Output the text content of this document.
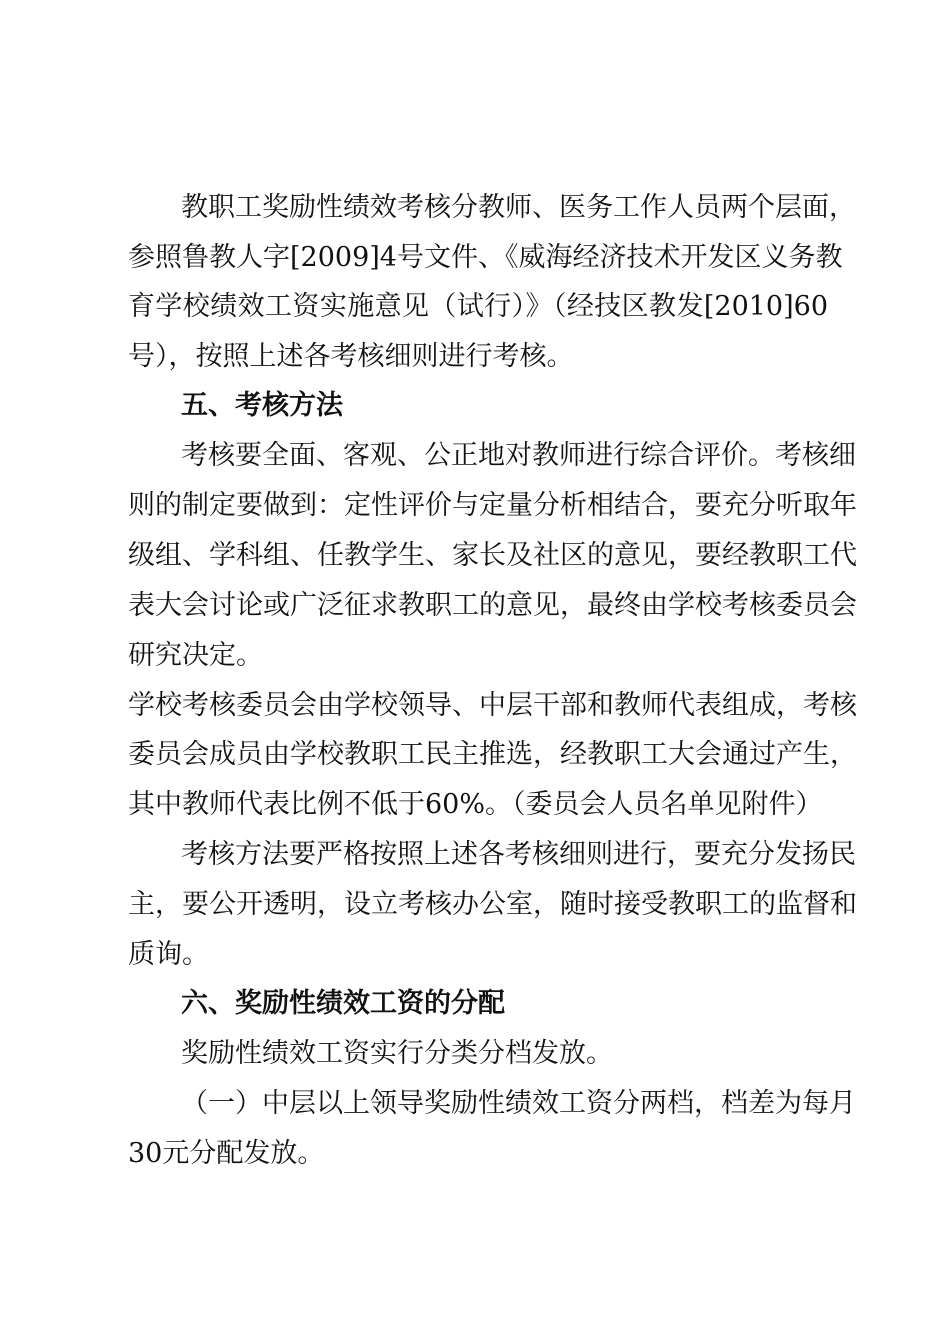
教职工奖励性绩效考核分教师、医务工作人员两个层面，
参照鲁教人字[2009]4号文件、《威海经济技术开发区义务教
育学校绩效工资实施意见（试行）》（经技区教发[2010]60
号），按照上述各考核细则进行考核。
五、考核方法
考核要全面、客观、公正地对教师进行综合评价。考核细
则的制定要做到：定性评价与定量分析相结合，要充分听取年
级组、学科组、任教学生、家长及社区的意见，要经教职工代
表大会讨论或广泛征求教职工的意见，最终由学校考核委员会
研究决定。
学校考核委员会由学校领导、中层干部和教师代表组成，考核
委员会成员由学校教职工民主推选，经教职工大会通过产生，
其中教师代表比例不低于60%。（委员会人员名单见附件）
考核方法要严格按照上述各考核细则进行，要充分发扬民
主，要公开透明，设立考核办公室，随时接受教职工的监督和
质询。
六、奖励性绩效工资的分配
奖励性绩效工资实行分类分档发放。
（一）中层以上领导奖励性绩效工资分两档，档差为每月
30元分配发放。
